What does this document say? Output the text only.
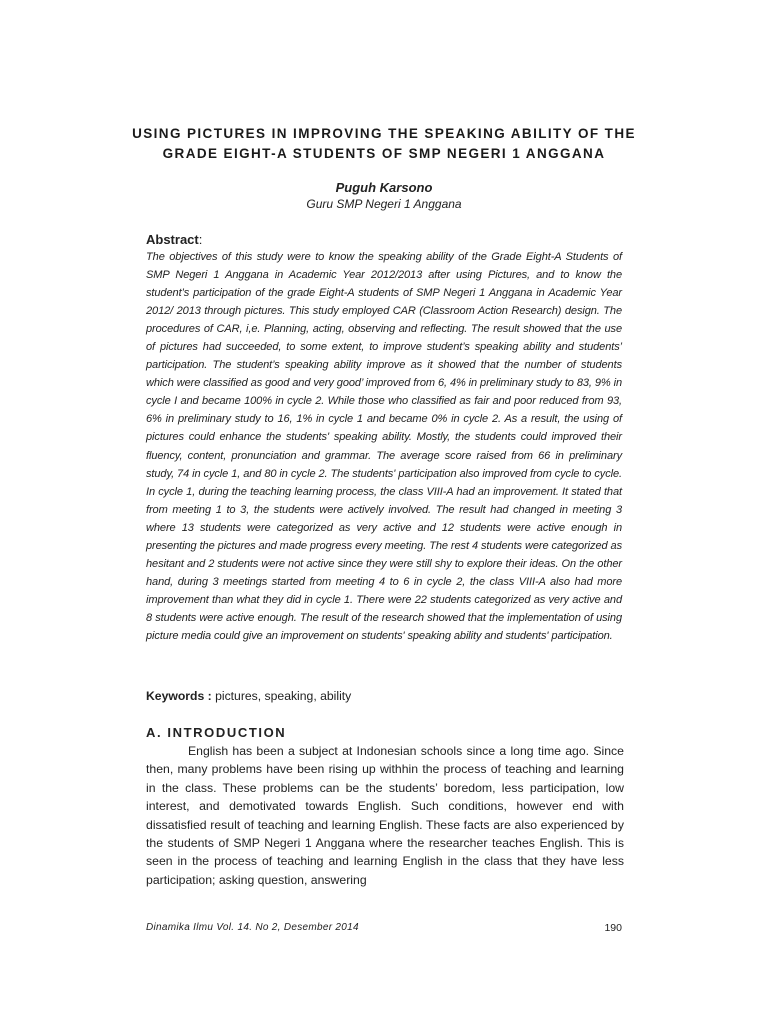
USING PICTURES IN IMPROVING THE SPEAKING ABILITY OF THE GRADE EIGHT-A STUDENTS OF SMP NEGERI 1 ANGGANA
Puguh Karsono
Guru SMP Negeri 1 Anggana
Abstract:

The objectives of this study were to know the speaking ability of the Grade Eight-A Students of SMP Negeri 1 Anggana in Academic Year 2012/2013 after using Pictures, and to know the student’s participation of the grade Eight-A students of SMP Negeri 1 Anggana in Academic Year 2012/ 2013 through pictures. This study employed CAR (Classroom Action Research) design. The procedures of CAR, i,e. Planning, acting, observing and reflecting. The result showed that the use of pictures had succeeded, to some extent, to improve student’s speaking ability and students’ participation. The student’s speaking ability improve as it showed that the number of students which were classified as good and very good’ improved from 6, 4% in preliminary study to 83, 9% in cycle I and became 100% in cycle 2. While those who classified as fair and poor reduced from 93, 6% in preliminary study to 16, 1% in cycle 1 and became 0% in cycle 2. As a result, the using of pictures could enhance the students' speaking ability. Mostly, the students could improved their fluency, content, pronunciation and grammar. The average score raised from 66 in preliminary study, 74 in cycle 1, and 80 in cycle 2. The students' participation also improved from cycle to cycle. In cycle 1, during the teaching learning process, the class VIII-A had an improvement. It stated that from meeting 1 to 3, the students were actively involved. The result had changed in meeting 3 where 13 students were categorized as very active and 12 students were active enough in presenting the pictures and made progress every meeting. The rest 4 students were categorized as hesitant and 2 students were not active since they were still shy to explore their ideas. On the other hand, during 3 meetings started from meeting 4 to 6 in cycle 2, the class VIII-A also had more improvement than what they did in cycle 1. There were 22 students categorized as very active and 8 students were active enough. The result of the research showed that the implementation of using picture media could give an improvement on students' speaking ability and students' participation.

Keywords : pictures, speaking, ability
A. INTRODUCTION

English has been a subject at Indonesian schools since a long time ago. Since then, many problems have been rising up withhin the process of teaching and learning in the class. These problems can be the students’ boredom, less participation, low interest, and demotivated towards English. Such conditions, however end with dissatisfied result of teaching and learning English. These facts are also experienced by the students of SMP Negeri 1 Anggana where the researcher teaches English. This is seen in the process of teaching and learning English in the class that they have less participation; asking question, answering

Dinamika Ilmu Vol. 14. No 2, Desember 2014	190
